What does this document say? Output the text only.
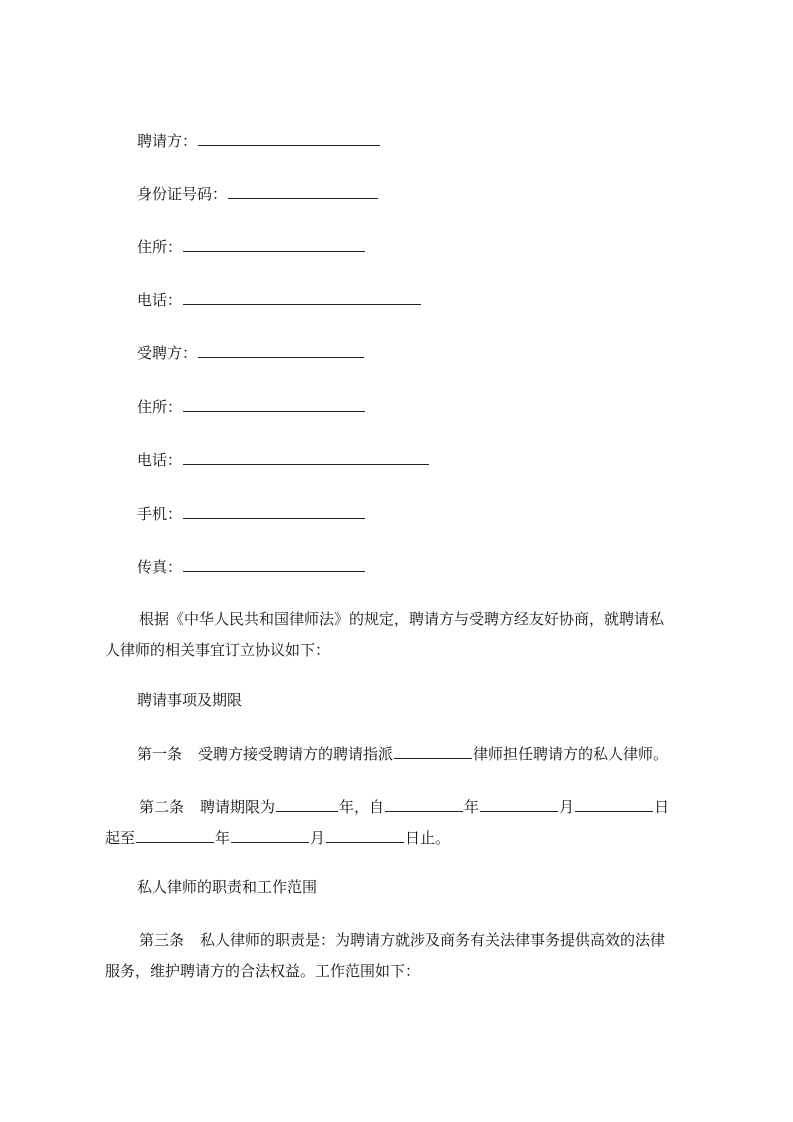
聘请方：
身份证号码：
住所：
电话：
受聘方：
住所：
电话：
手机：
传真：
根据《中华人民共和国律师法》的规定，聘请方与受聘方经友好协商，就聘请私
人律师的相关事宜订立协议如下：
聘请事项及期限
第一条 受聘方接受聘请方的聘请指派	律师担任聘请方的私人律师。
第二条 聘请期限为	年，自	年	月	日
起至	年	月	日止。
私人律师的职责和工作范围
第三条 私人律师的职责是：为聘请方就涉及商务有关法律事务提供高效的法律
服务，维护聘请方的合法权益。工作范围如下：
